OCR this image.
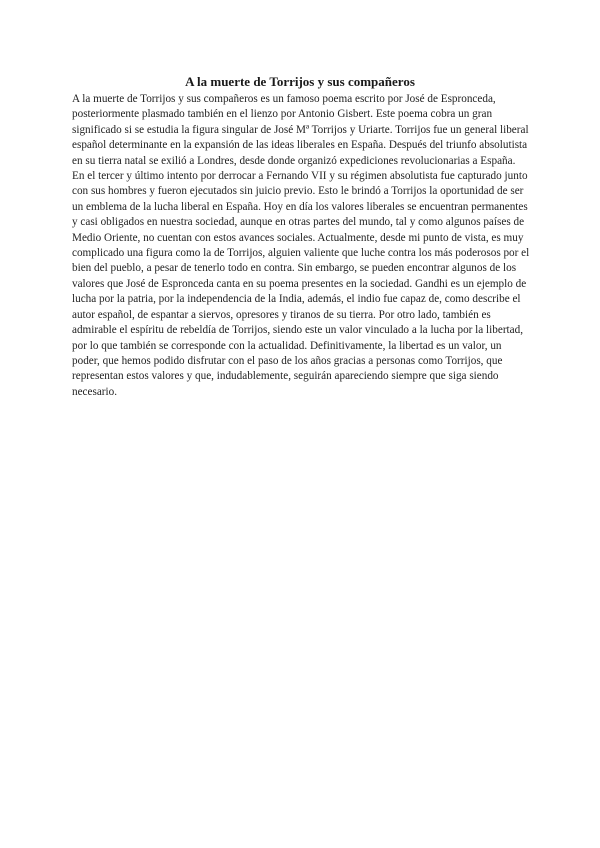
A la muerte de Torrijos y sus compañeros

A la muerte de Torrijos y sus compañeros es un famoso poema escrito por José de Espronceda, posteriormente plasmado también en el lienzo por Antonio Gisbert. Este poema cobra un gran significado si se estudia la figura singular de José Mª Torrijos y Uriarte. Torrijos fue un general liberal español determinante en la expansión de las ideas liberales en España. Después del triunfo absolutista en su tierra natal se exilió a Londres, desde donde organizó expediciones revolucionarias a España. En el tercer y último intento por derrocar a Fernando VII y su régimen absolutista fue capturado junto con sus hombres y fueron ejecutados sin juicio previo. Esto le brindó a Torrijos la oportunidad de ser un emblema de la lucha liberal en España. Hoy en día los valores liberales se encuentran permanentes y casi obligados en nuestra sociedad, aunque en otras partes del mundo, tal y como algunos países de Medio Oriente, no cuentan con estos avances sociales. Actualmente, desde mi punto de vista, es muy complicado una figura como la de Torrijos, alguien valiente que luche contra los más poderosos por el bien del pueblo, a pesar de tenerlo todo en contra. Sin embargo, se pueden encontrar algunos de los valores que José de Espronceda canta en su poema presentes en la sociedad. Gandhi es un ejemplo de lucha por la patria, por la independencia de la India, además, el indio fue capaz de, como describe el autor español, de espantar a siervos, opresores y tiranos de su tierra. Por otro lado, también es admirable el espíritu de rebeldía de Torrijos, siendo este un valor vinculado a la lucha por la libertad, por lo que también se corresponde con la actualidad. Definitivamente, la libertad es un valor, un poder, que hemos podido disfrutar con el paso de los años gracias a personas como Torrijos, que representan estos valores y que, indudablemente, seguirán apareciendo siempre que siga siendo necesario.
